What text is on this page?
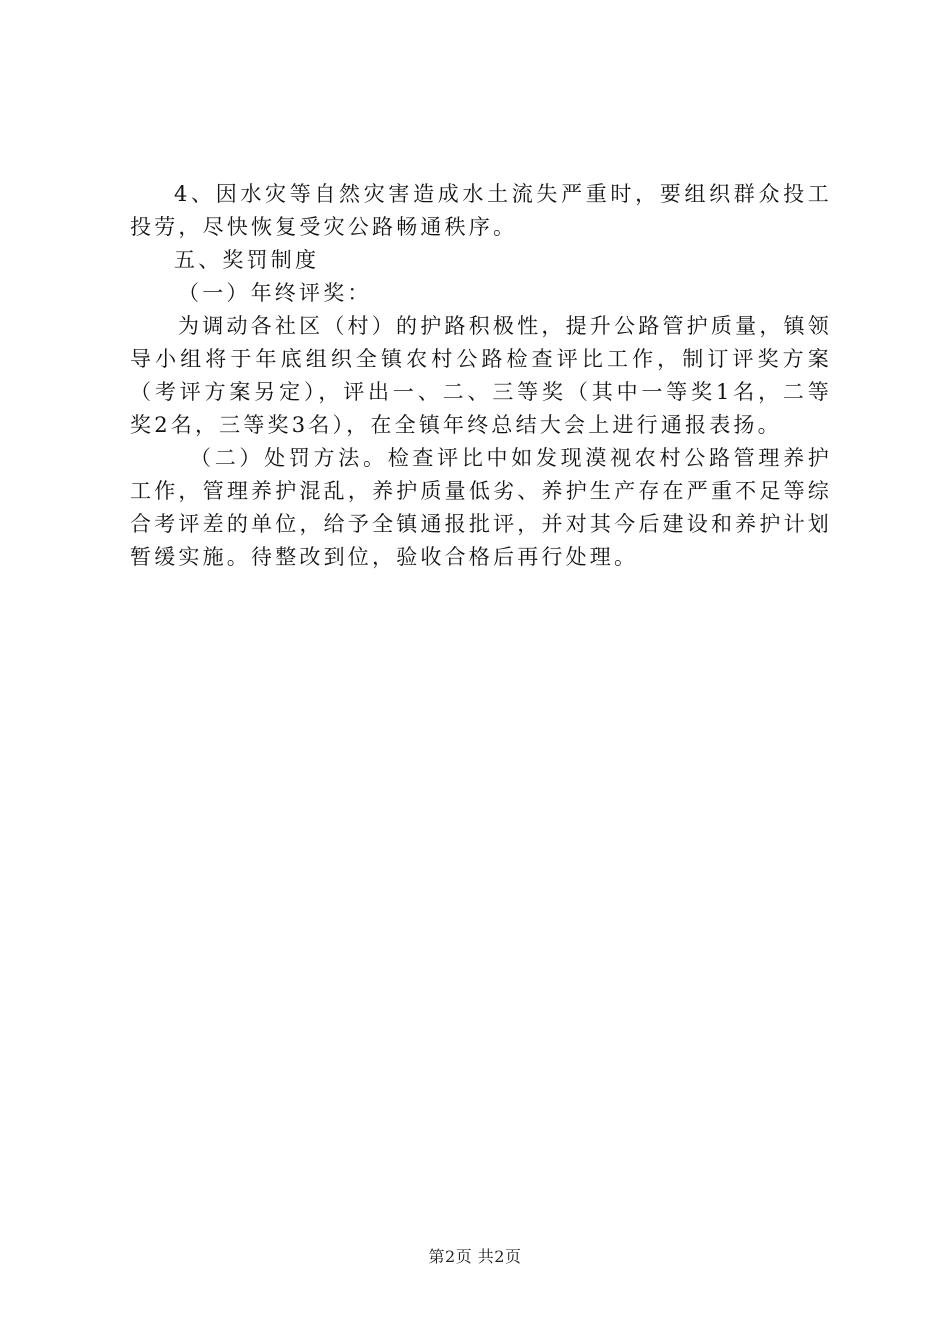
4、因水灾等自然灾害造成水土流失严重时，要组织群众投工投劳，尽快恢复受灾公路畅通秩序。

五、奖罚制度

（一）年终评奖：

为调动各社区（村）的护路积极性，提升公路管护质量，镇领导小组将于年底组织全镇农村公路检查评比工作，制订评奖方案（考评方案另定），评出一、二、三等奖（其中一等奖1名，二等奖2名，三等奖3名），在全镇年终总结大会上进行通报表扬。

（二）处罚方法。检查评比中如发现漠视农村公路管理养护工作，管理养护混乱，养护质量低劣、养护生产存在严重不足等综合考评差的单位，给予全镇通报批评，并对其今后建设和养护计划暂缓实施。待整改到位，验收合格后再行处理。

第2页 共2页
